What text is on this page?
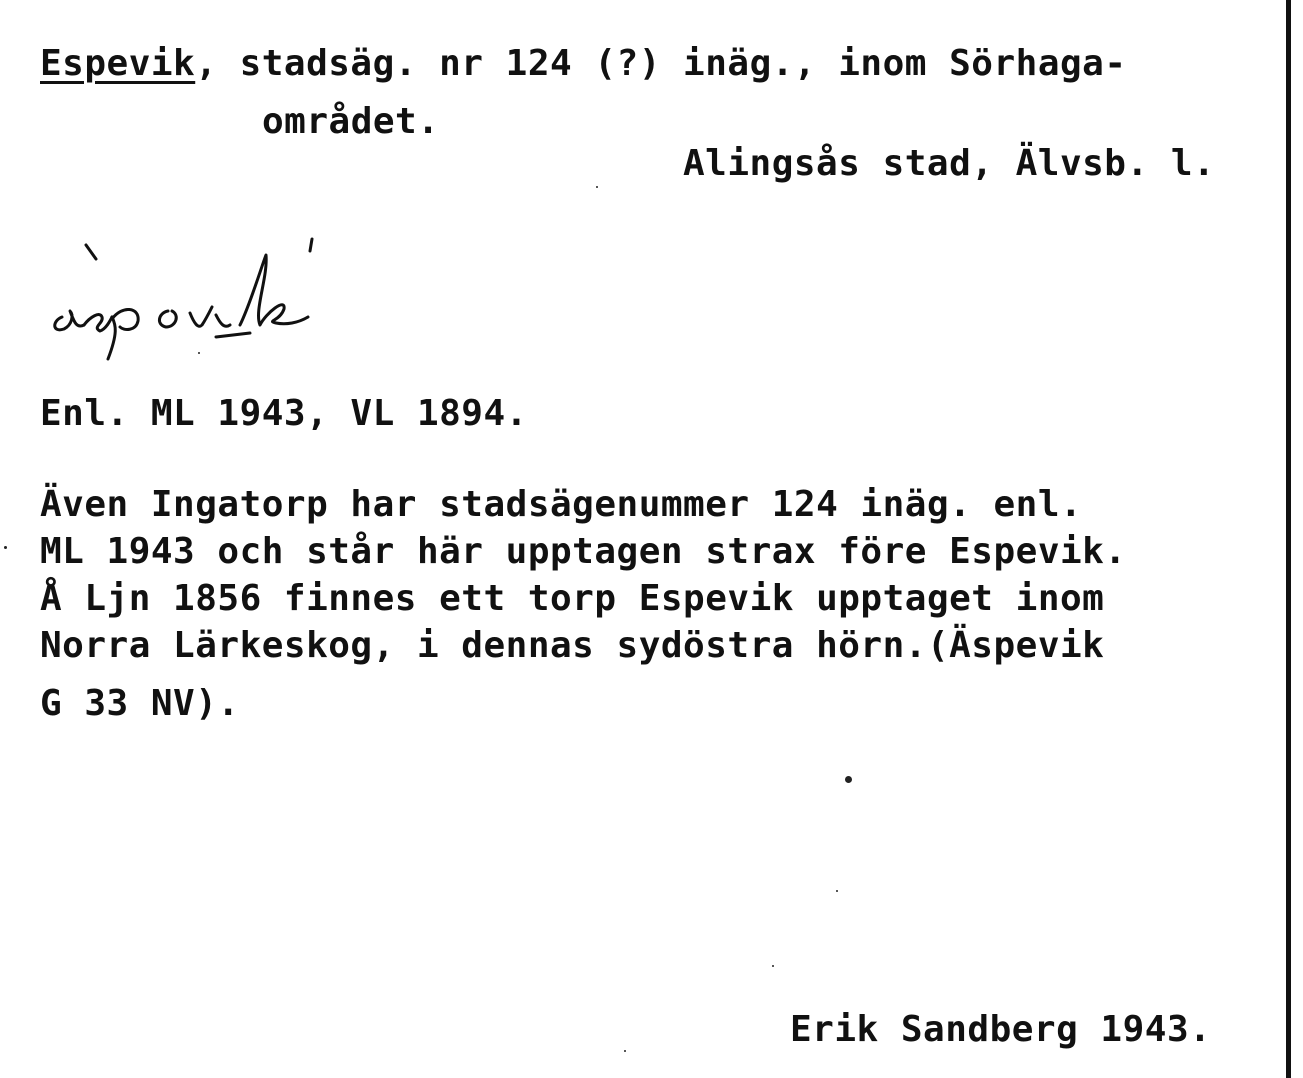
Espevik, stadsäg. nr 124 (?) inäg., inom Sörhaga-
området.
Alingsås stad, Älvsb. l.
Enl. ML 1943, VL 1894.
Även Ingatorp har stadsägenummer 124 inäg. enl.
ML 1943 och står här upptagen strax före Espevik.
Å Ljn 1856 finnes ett torp Espevik upptaget inom
Norra Lärkeskog, i dennas sydöstra hörn.(Äspevik
G 33 NV).
Erik Sandberg 1943.
